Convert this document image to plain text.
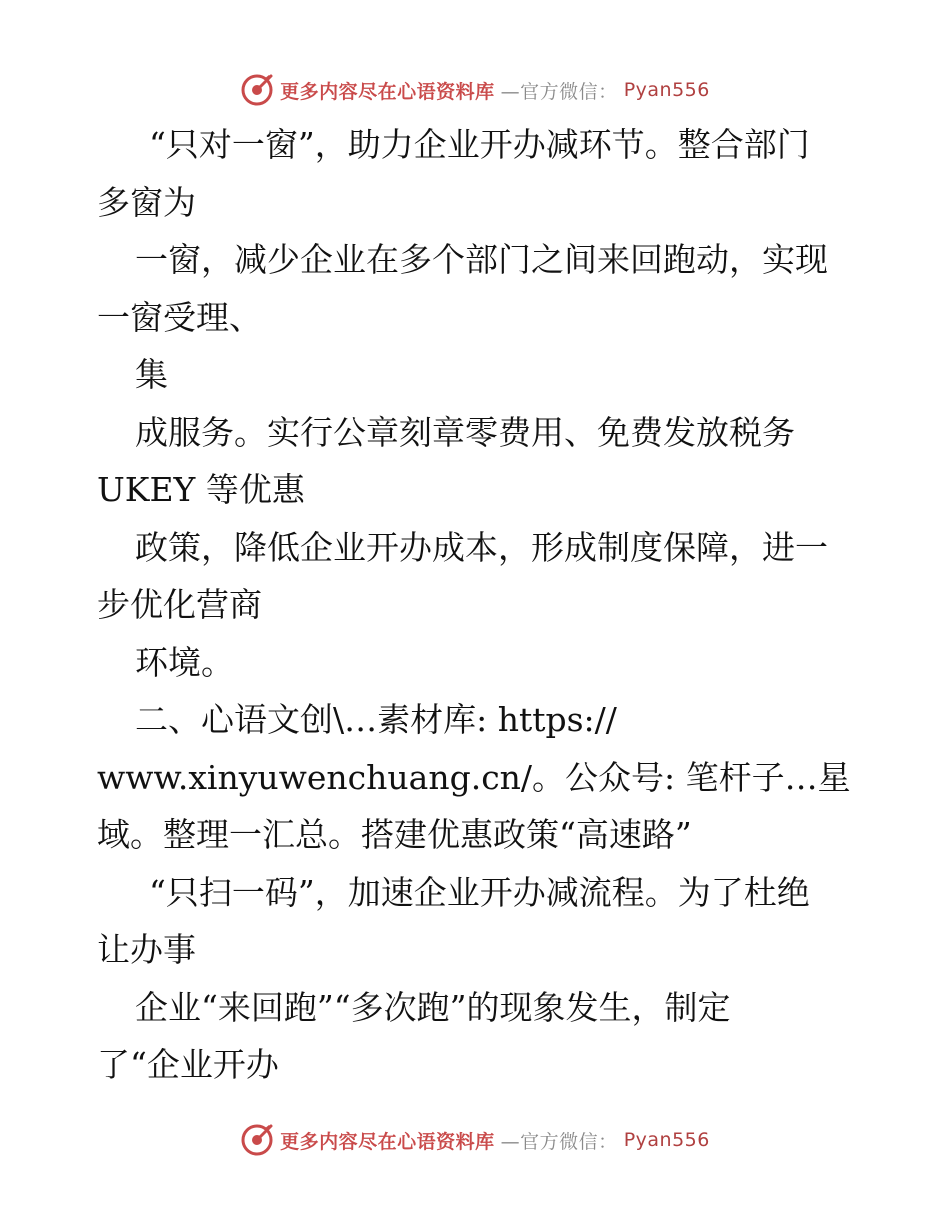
更多内容尽在心语资料库 —官方微信： Pyan556
“只对一窗”，助力企业开办减环节。整合部门
多窗为
一窗，减少企业在多个部门之间来回跑动，实现
一窗受理、
集
成服务。实行公章刻章零费用、免费发放税务
UKEY 等优惠
政策，降低企业开办成本，形成制度保障，进一
步优化营商
环境。
二、心语文创\…素材库: https://
www.xinyuwenchuang.cn/。公众号: 笔杆子…星
域。整理一汇总。搭建优惠政策“高速路”
“只扫一码”，加速企业开办减流程。为了杜绝
让办事
企业“来回跑”“多次跑”的现象发生，制定
了“企业开办
更多内容尽在心语资料库 —官方微信： Pyan556
